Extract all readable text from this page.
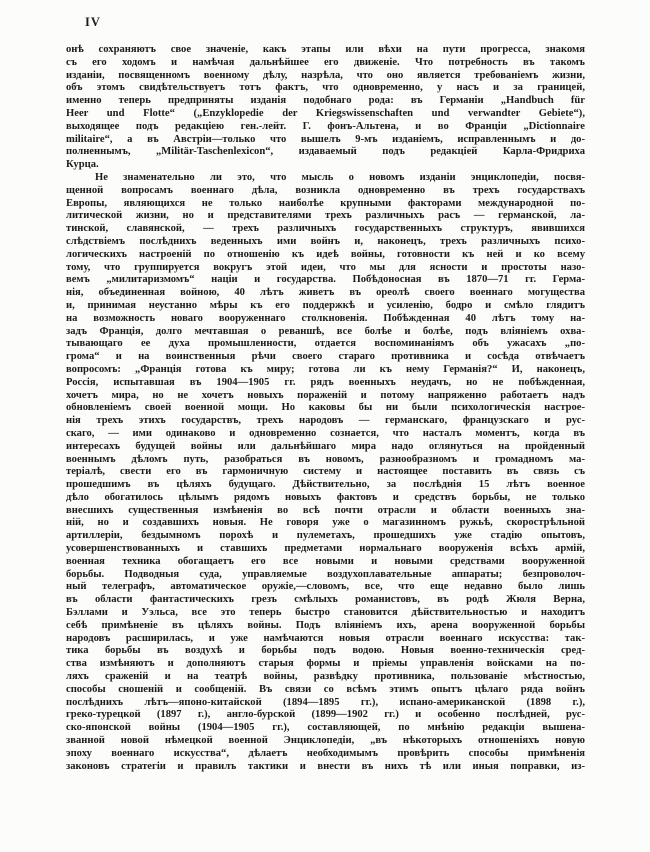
IV
онѣ сохраняютъ свое значеніе, какъ этапы или вѣхи на пути прогресса, знакомя
съ его ходомъ и намѣчая дальнѣйшее его движеніе. Что потребность въ такомъ
изданіи, посвященномъ военному дѣлу, назрѣла, что оно является требованіемъ жизни,
объ этомъ свидѣтельствуетъ тотъ фактъ, что одновременно, у насъ и за границей,
именно теперь предприняты изданія подобнаго рода: въ Германіи „Handbuch für
Heer und Flotte“ („Enzyklopedie der Kriegswissenschaften und verwandter Gebiete“),
выходящее подъ редакціею ген.-лейт. Г. фонъ-Альтена, и во Франціи „Dictionnaire
militaire“, а въ Австріи—только что вышелъ 9-мъ изданіемъ, исправленнымъ и до-
полненнымъ, „Militär-Taschenlexicon“, издаваемый подъ редакціей Карла-Фридриха
Курца.
Не знаменательно ли это, что мысль о новомъ изданіи энциклопедіи, посвя-
щенной вопросамъ военнаго дѣла, возникла одновременно въ трехъ государствахъ
Европы, являющихся не только наиболѣе крупными факторами международной по-
литической жизни, но и представителями трехъ различныхъ расъ — германской, ла-
тинской, славянской, — трехъ различныхъ государственныхъ структуръ, явившихся
слѣдствіемъ послѣднихъ веденныхъ ими войнъ и, наконецъ, трехъ различныхъ психо-
логическихъ настроеній по отношенію къ идеѣ войны, готовности къ ней и ко всему
тому, что группируется вокругъ этой идеи, что мы для ясности и простоты назо-
вемъ „милитаризмомъ“ націи и государства. Побѣдоносная въ 1870—71 гг. Герма-
нія, объединенная войною, 40 лѣтъ живетъ въ ореолѣ своего военнаго могущества
и, принимая неустанно мѣры къ его поддержкѣ и усиленію, бодро и смѣло глядитъ
на возможность новаго вооруженнаго столкновенія. Побѣжденная 40 лѣтъ тому на-
задъ Франція, долго мечтавшая о реваншѣ, все болѣе и болѣе, подъ вліяніемъ охва-
тывающаго ее духа промышленности, отдается воспоминаніямъ объ ужасахъ „по-
грома“ и на воинственныя рѣчи своего стараго противника и сосѣда отвѣчаетъ
вопросомъ: „Франція готова къ миру; готова ли къ нему Германія?“ И, наконецъ,
Россія, испытавшая въ 1904—1905 гг. рядъ военныхъ неудачъ, но не побѣжденная,
хочетъ мира, но не хочетъ новыхъ пораженій и потому напряженно работаетъ надъ
обновленіемъ своей военной мощи. Но каковы бы ни были психологическія настрое-
нія трехъ этихъ государствъ, трехъ народовъ — германскаго, французскаго и рус-
скаго, — ими одинаково и одновременно сознается, что насталъ моментъ, когда въ
интересахъ будущей войны или дальнѣйшаго мира надо оглянуться на пройденный
военнымъ дѣломъ путь, разобраться въ новомъ, разнообразномъ и громадномъ ма-
теріалѣ, свести его въ гармоничную систему и настоящее поставить въ связь съ
прошедшимъ въ цѣляхъ будущаго. Дѣйствительно, за послѣднія 15 лѣтъ военное
дѣло обогатилось цѣлымъ рядомъ новыхъ фактовъ и средствъ борьбы, не только
внесшихъ существенныя измѣненія во всѣ почти отрасли и области военныхъ зна-
ній, но и создавшихъ новыя. Не говоря уже о магазинномъ ружьѣ, скорострѣльной
артиллеріи, бездымномъ порохѣ и пулеметахъ, прошедшихъ уже стадію опытовъ,
усовершенствованныхъ и ставшихъ предметами нормальнаго вооруженія всѣхъ армій,
военная техника обогащаетъ его все новыми и новыми средствами вооруженной
борьбы. Подводныя суда, управляемые воздухоплавательные аппараты; безпроволоч-
ный телеграфъ, автоматическое оружіе,—словомъ, все, что еще недавно было лишь
въ области фантастическихъ грезъ смѣлыхъ романистовъ, въ родѣ Жюля Верна,
Бэллами и Уэльса, все это теперь быстро становится дѣйствительностью и находитъ
себѣ примѣненіе въ цѣляхъ войны. Подъ вліяніемъ ихъ, арена вооруженной борьбы
народовъ расширилась, и уже намѣчаются новыя отрасли военнаго искусства: так-
тика борьбы въ воздухѣ и борьбы подъ водою. Новыя военно-техническія сред-
ства измѣняютъ и дополняютъ старыя формы и пріемы управленія войсками на по-
ляхъ сраженій и на театрѣ войны, развѣдку противника, пользованіе мѣстностью,
способы сношеній и сообщеній. Въ связи со всѣмъ этимъ опытъ цѣлаго ряда войнъ
послѣднихъ лѣтъ—японо-китайской (1894—1895 гг.), испано-американской (1898 г.),
греко-турецкой (1897 г.), англо-бурской (1899—1902 гг.) и особенно послѣдней, рус-
ско-японской войны (1904—1905 гг.), составляющей, по мнѣнію редакціи вышена-
званной новой нѣмецкой военной Энциклопедіи, „въ нѣкоторыхъ отношеніяхъ новую
эпоху военнаго искусства“, дѣлаетъ необходимымъ провѣрить способы примѣненія
законовъ стратегіи и правилъ тактики и внести въ нихъ тѣ или иныя поправки, из-
